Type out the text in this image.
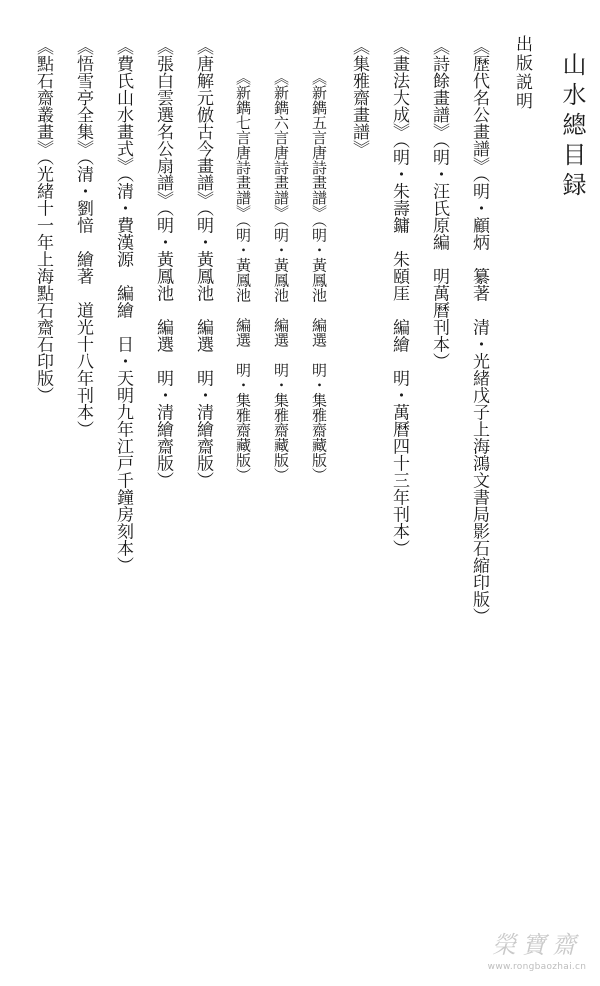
山水總目録
出版説明
《歷代名公畫譜》（明・顧炳　纂著　清・光緒戊子上海鴻文書局影石縮印版）
《詩餘畫譜》（明・汪氏原編　明萬曆刊本）
《畫法大成》（明・朱壽鏞　朱頤厓　編繪　明・萬曆四十三年刊本）
《集雅齋畫譜》
《新鐫五言唐詩畫譜》（明・黃鳳池　編選　明・集雅齋藏版）
《新鐫六言唐詩畫譜》（明・黃鳳池　編選　明・集雅齋藏版）
《新鐫七言唐詩畫譜》（明・黃鳳池　編選　明・集雅齋藏版）
《唐解元倣古今畫譜》（明・黃鳳池　編選　明・清繪齋版）
《張白雲選名公扇譜》（明・黃鳳池　編選　明・清繪齋版）
《費氏山水畫式》（清・費漢源　編繪　日・天明九年江戸千鐘房刻本）
《悟雪亭全集》（清・劉愔　繪著　道光十八年刊本）
《點石齋叢畫》（光緒十一年上海點石齋石印版）
榮寶齋
www.rongbaozhai.cn
